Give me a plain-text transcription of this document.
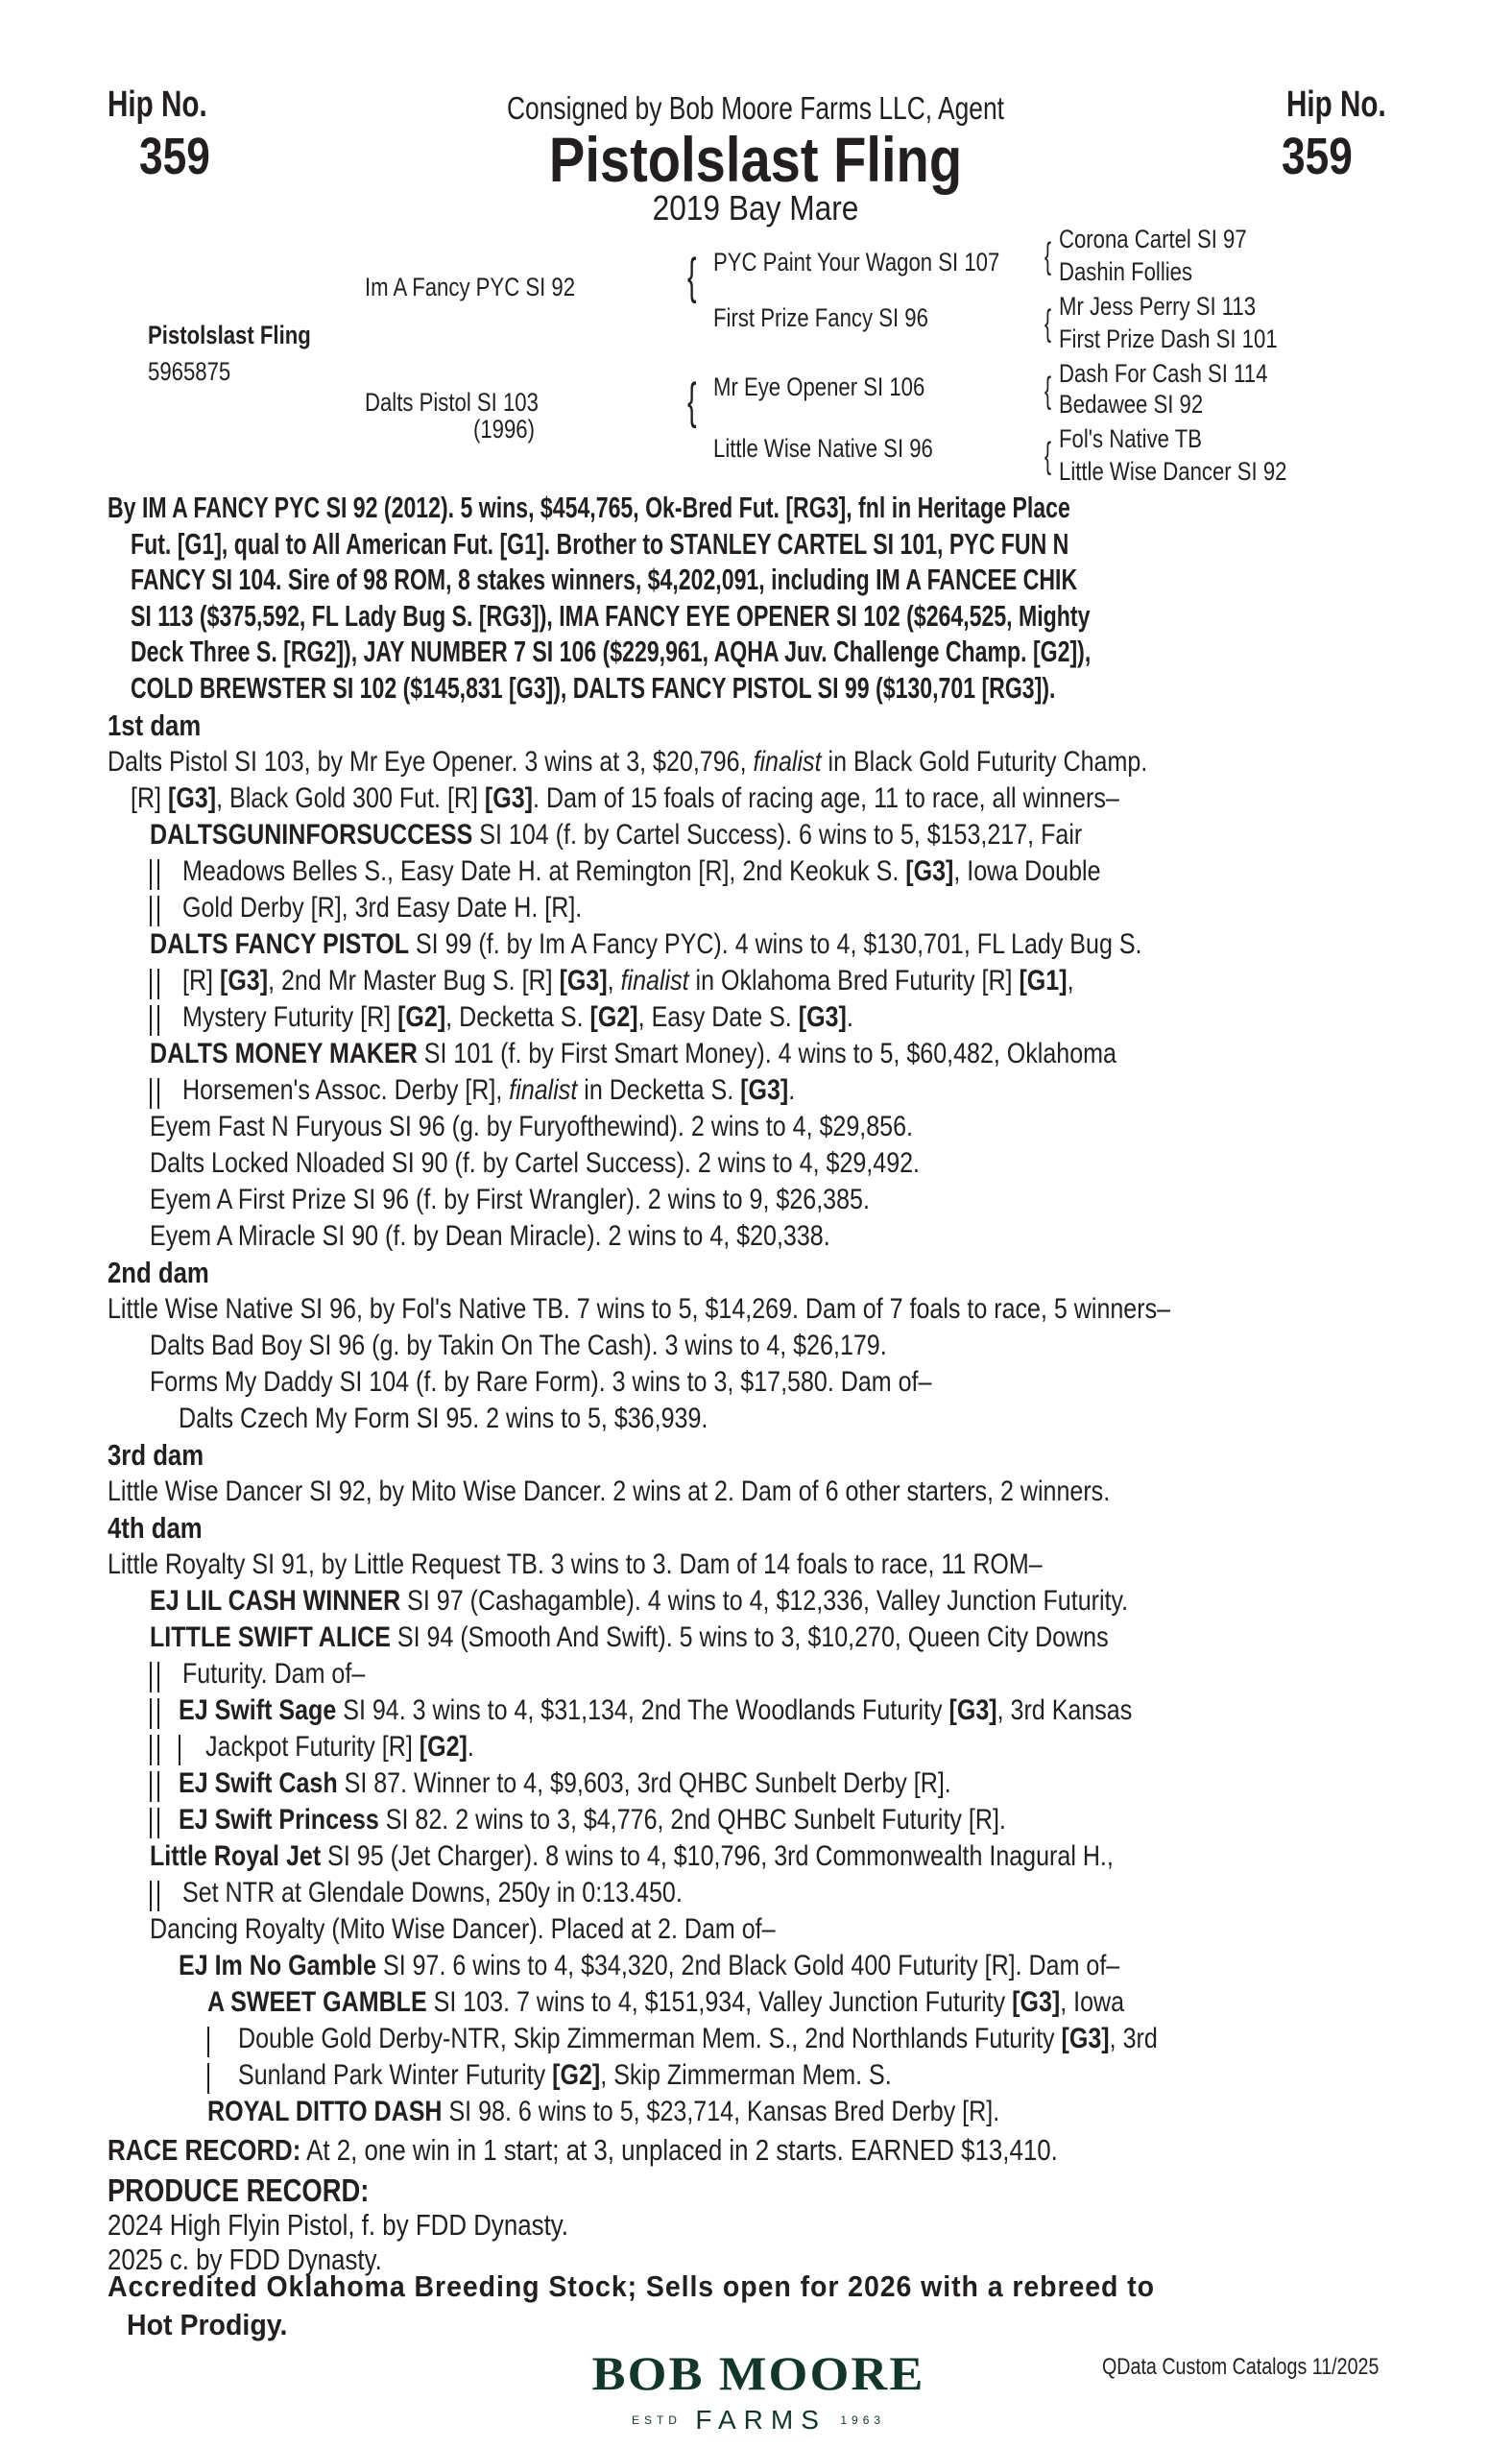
Hip No.
359
Hip No.
359
Consigned by Bob Moore Farms LLC, Agent
Pistolslast Fling
2019 Bay Mare
Pistolslast Fling
5965875
Im A Fancy PYC SI 92
Dalts Pistol SI 103
(1996)
{ PYC Paint Your Wagon SI 107
First Prize Fancy SI 96
{ Mr Eye Opener SI 106
Little Wise Native SI 96
{ Corona Cartel SI 97
Dashin Follies
{ Mr Jess Perry SI 113
First Prize Dash SI 101
{ Dash For Cash SI 114
Bedawee SI 92
{ Fol's Native TB
Little Wise Dancer SI 92
By IM A FANCY PYC SI 92 (2012). 5 wins, $454,765, Ok-Bred Fut. [RG3], fnl in Heritage Place
Fut. [G1], qual to All American Fut. [G1]. Brother to STANLEY CARTEL SI 101, PYC FUN N
FANCY SI 104. Sire of 98 ROM, 8 stakes winners, $4,202,091, including IM A FANCEE CHIK
SI 113 ($375,592, FL Lady Bug S. [RG3]), IMA FANCY EYE OPENER SI 102 ($264,525, Mighty
Deck Three S. [RG2]), JAY NUMBER 7 SI 106 ($229,961, AQHA Juv. Challenge Champ. [G2]),
COLD BREWSTER SI 102 ($145,831 [G3]), DALTS FANCY PISTOL SI 99 ($130,701 [RG3]).
1st dam
Dalts Pistol SI 103, by Mr Eye Opener. 3 wins at 3, $20,796, finalist in Black Gold Futurity Champ.
[R] [G3], Black Gold 300 Fut. [R] [G3]. Dam of 15 foals of racing age, 11 to race, all winners–
DALTSGUNINFORSUCCESS SI 104 (f. by Cartel Success). 6 wins to 5, $153,217, Fair
Meadows Belles S., Easy Date H. at Remington [R], 2nd Keokuk S. [G3], Iowa Double
Gold Derby [R], 3rd Easy Date H. [R].
DALTS FANCY PISTOL SI 99 (f. by Im A Fancy PYC). 4 wins to 4, $130,701, FL Lady Bug S.
[R] [G3], 2nd Mr Master Bug S. [R] [G3], finalist in Oklahoma Bred Futurity [R] [G1],
Mystery Futurity [R] [G2], Decketta S. [G2], Easy Date S. [G3].
DALTS MONEY MAKER SI 101 (f. by First Smart Money). 4 wins to 5, $60,482, Oklahoma
Horsemen's Assoc. Derby [R], finalist in Decketta S. [G3].
Eyem Fast N Furyous SI 96 (g. by Furyofthewind). 2 wins to 4, $29,856.
Dalts Locked Nloaded SI 90 (f. by Cartel Success). 2 wins to 4, $29,492.
Eyem A First Prize SI 96 (f. by First Wrangler). 2 wins to 9, $26,385.
Eyem A Miracle SI 90 (f. by Dean Miracle). 2 wins to 4, $20,338.
2nd dam
Little Wise Native SI 96, by Fol's Native TB. 7 wins to 5, $14,269. Dam of 7 foals to race, 5 winners–
Dalts Bad Boy SI 96 (g. by Takin On The Cash). 3 wins to 4, $26,179.
Forms My Daddy SI 104 (f. by Rare Form). 3 wins to 3, $17,580. Dam of–
Dalts Czech My Form SI 95. 2 wins to 5, $36,939.
3rd dam
Little Wise Dancer SI 92, by Mito Wise Dancer. 2 wins at 2. Dam of 6 other starters, 2 winners.
4th dam
Little Royalty SI 91, by Little Request TB. 3 wins to 3. Dam of 14 foals to race, 11 ROM–
EJ LIL CASH WINNER SI 97 (Cashagamble). 4 wins to 4, $12,336, Valley Junction Futurity.
LITTLE SWIFT ALICE SI 94 (Smooth And Swift). 5 wins to 3, $10,270, Queen City Downs
Futurity. Dam of–
EJ Swift Sage SI 94. 3 wins to 4, $31,134, 2nd The Woodlands Futurity [G3], 3rd Kansas
Jackpot Futurity [R] [G2].
EJ Swift Cash SI 87. Winner to 4, $9,603, 3rd QHBC Sunbelt Derby [R].
EJ Swift Princess SI 82. 2 wins to 3, $4,776, 2nd QHBC Sunbelt Futurity [R].
Little Royal Jet SI 95 (Jet Charger). 8 wins to 4, $10,796, 3rd Commonwealth Inagural H.,
Set NTR at Glendale Downs, 250y in 0:13.450.
Dancing Royalty (Mito Wise Dancer). Placed at 2. Dam of–
EJ Im No Gamble SI 97. 6 wins to 4, $34,320, 2nd Black Gold 400 Futurity [R]. Dam of–
A SWEET GAMBLE SI 103. 7 wins to 4, $151,934, Valley Junction Futurity [G3], Iowa
Double Gold Derby-NTR, Skip Zimmerman Mem. S., 2nd Northlands Futurity [G3], 3rd
Sunland Park Winter Futurity [G2], Skip Zimmerman Mem. S.
ROYAL DITTO DASH SI 98. 6 wins to 5, $23,714, Kansas Bred Derby [R].
RACE RECORD: At 2, one win in 1 start; at 3, unplaced in 2 starts. EARNED $13,410.
PRODUCE RECORD:
2024 High Flyin Pistol, f. by FDD Dynasty.
2025 c. by FDD Dynasty.
Accredited Oklahoma Breeding Stock; Sells open for 2026 with a rebreed to
Hot Prodigy.
BOB MOORE
ESTD FARMS 1963
QData Custom Catalogs 11/2025
